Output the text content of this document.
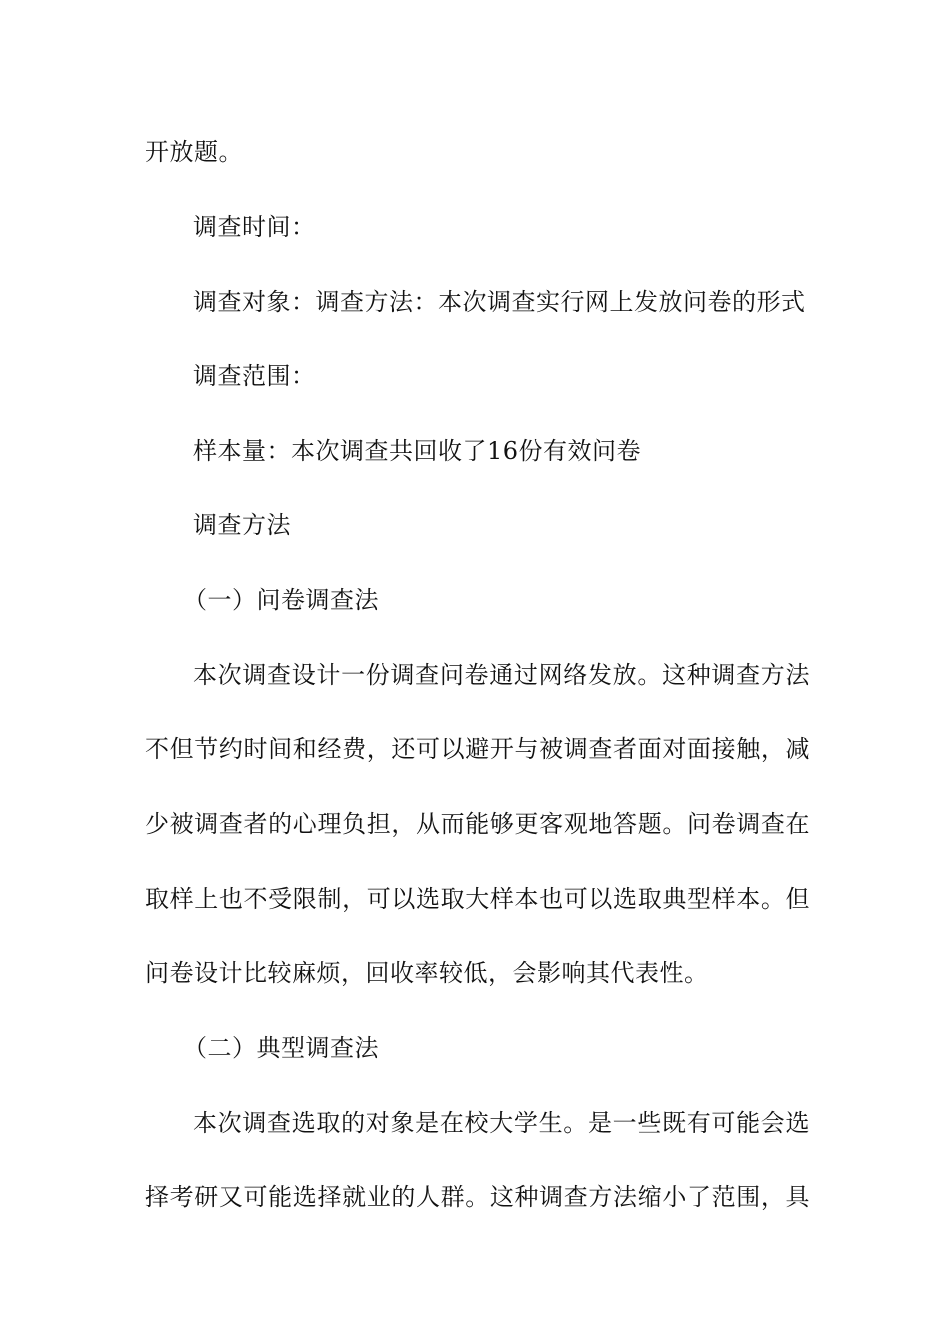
开放题。
调查时间：
调查对象：调查方法：本次调查实行网上发放问卷的形式
调查范围：
样本量：本次调查共回收了16份有效问卷
调查方法
（一）问卷调查法
本次调查设计一份调查问卷通过网络发放。这种调查方法
不但节约时间和经费，还可以避开与被调查者面对面接触，减
少被调查者的心理负担，从而能够更客观地答题。问卷调查在
取样上也不受限制，可以选取大样本也可以选取典型样本。但
问卷设计比较麻烦，回收率较低，会影响其代表性。
（二）典型调查法
本次调查选取的对象是在校大学生。是一些既有可能会选
择考研又可能选择就业的人群。这种调查方法缩小了范围，具
